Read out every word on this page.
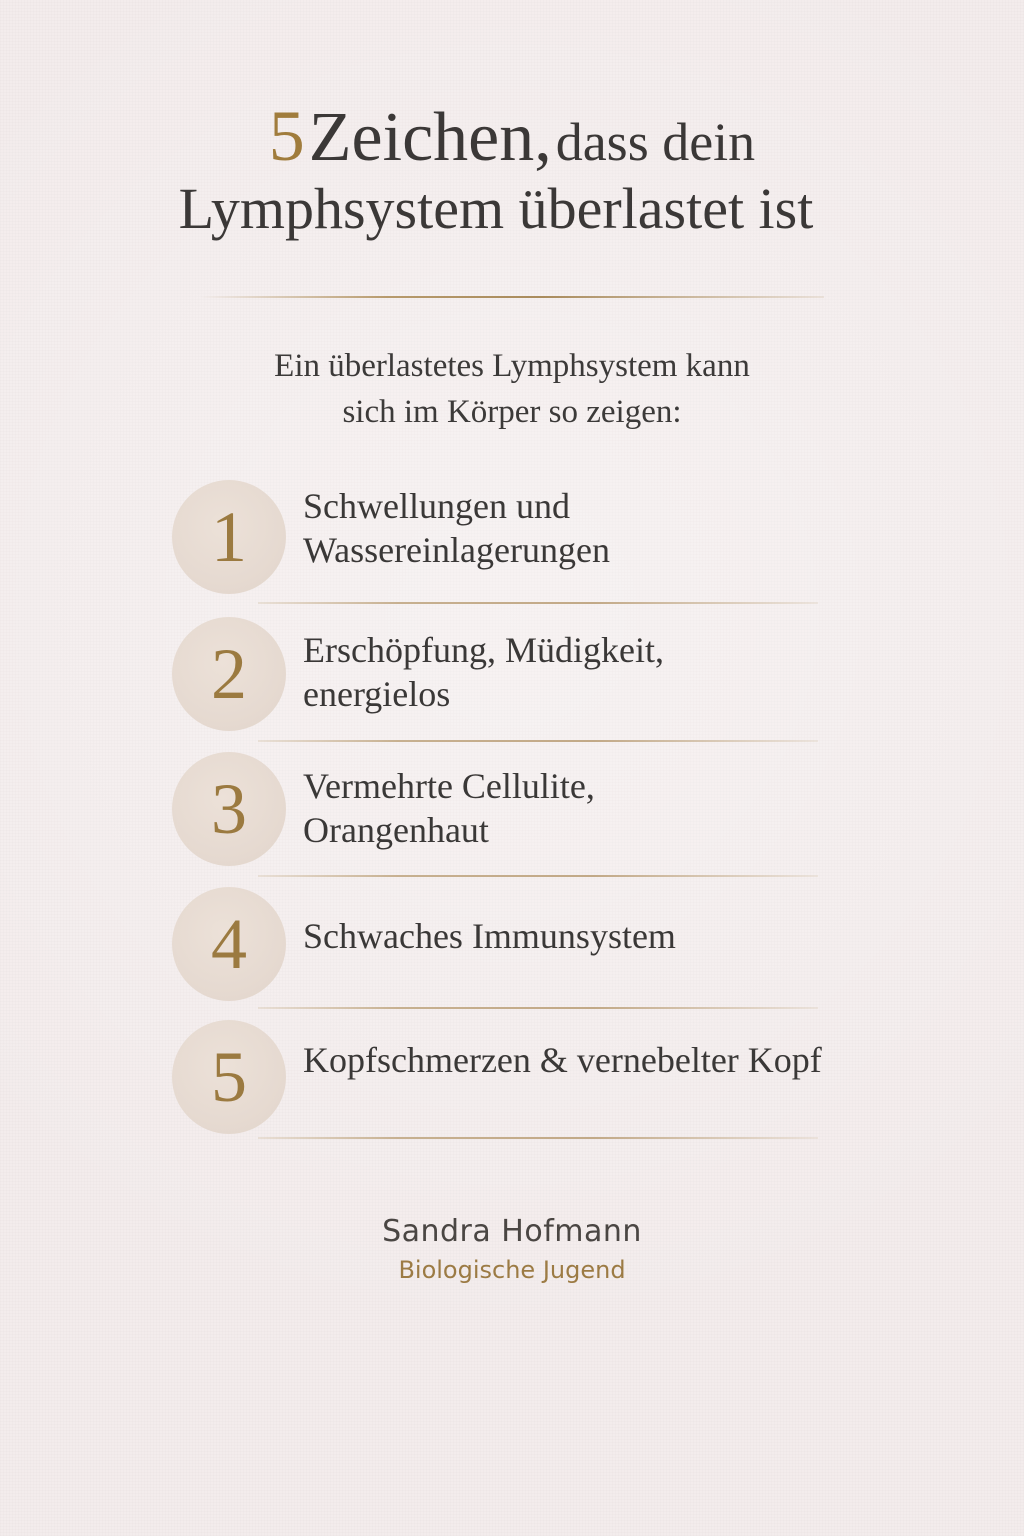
5 Zeichen, dass dein
Lymphsystem überlastet ist
Ein überlastetes Lymphsystem kann
sich im Körper so zeigen:
1	Schwellungen und
Wassereinlagerungen
2	Erschöpfung, Müdigkeit,
energielos
3	Vermehrte Cellulite,
Orangenhaut
4	Schwaches Immunsystem
5	Kopfschmerzen & vernebelter Kopf
Sandra Hofmann
Biologische Jugend
